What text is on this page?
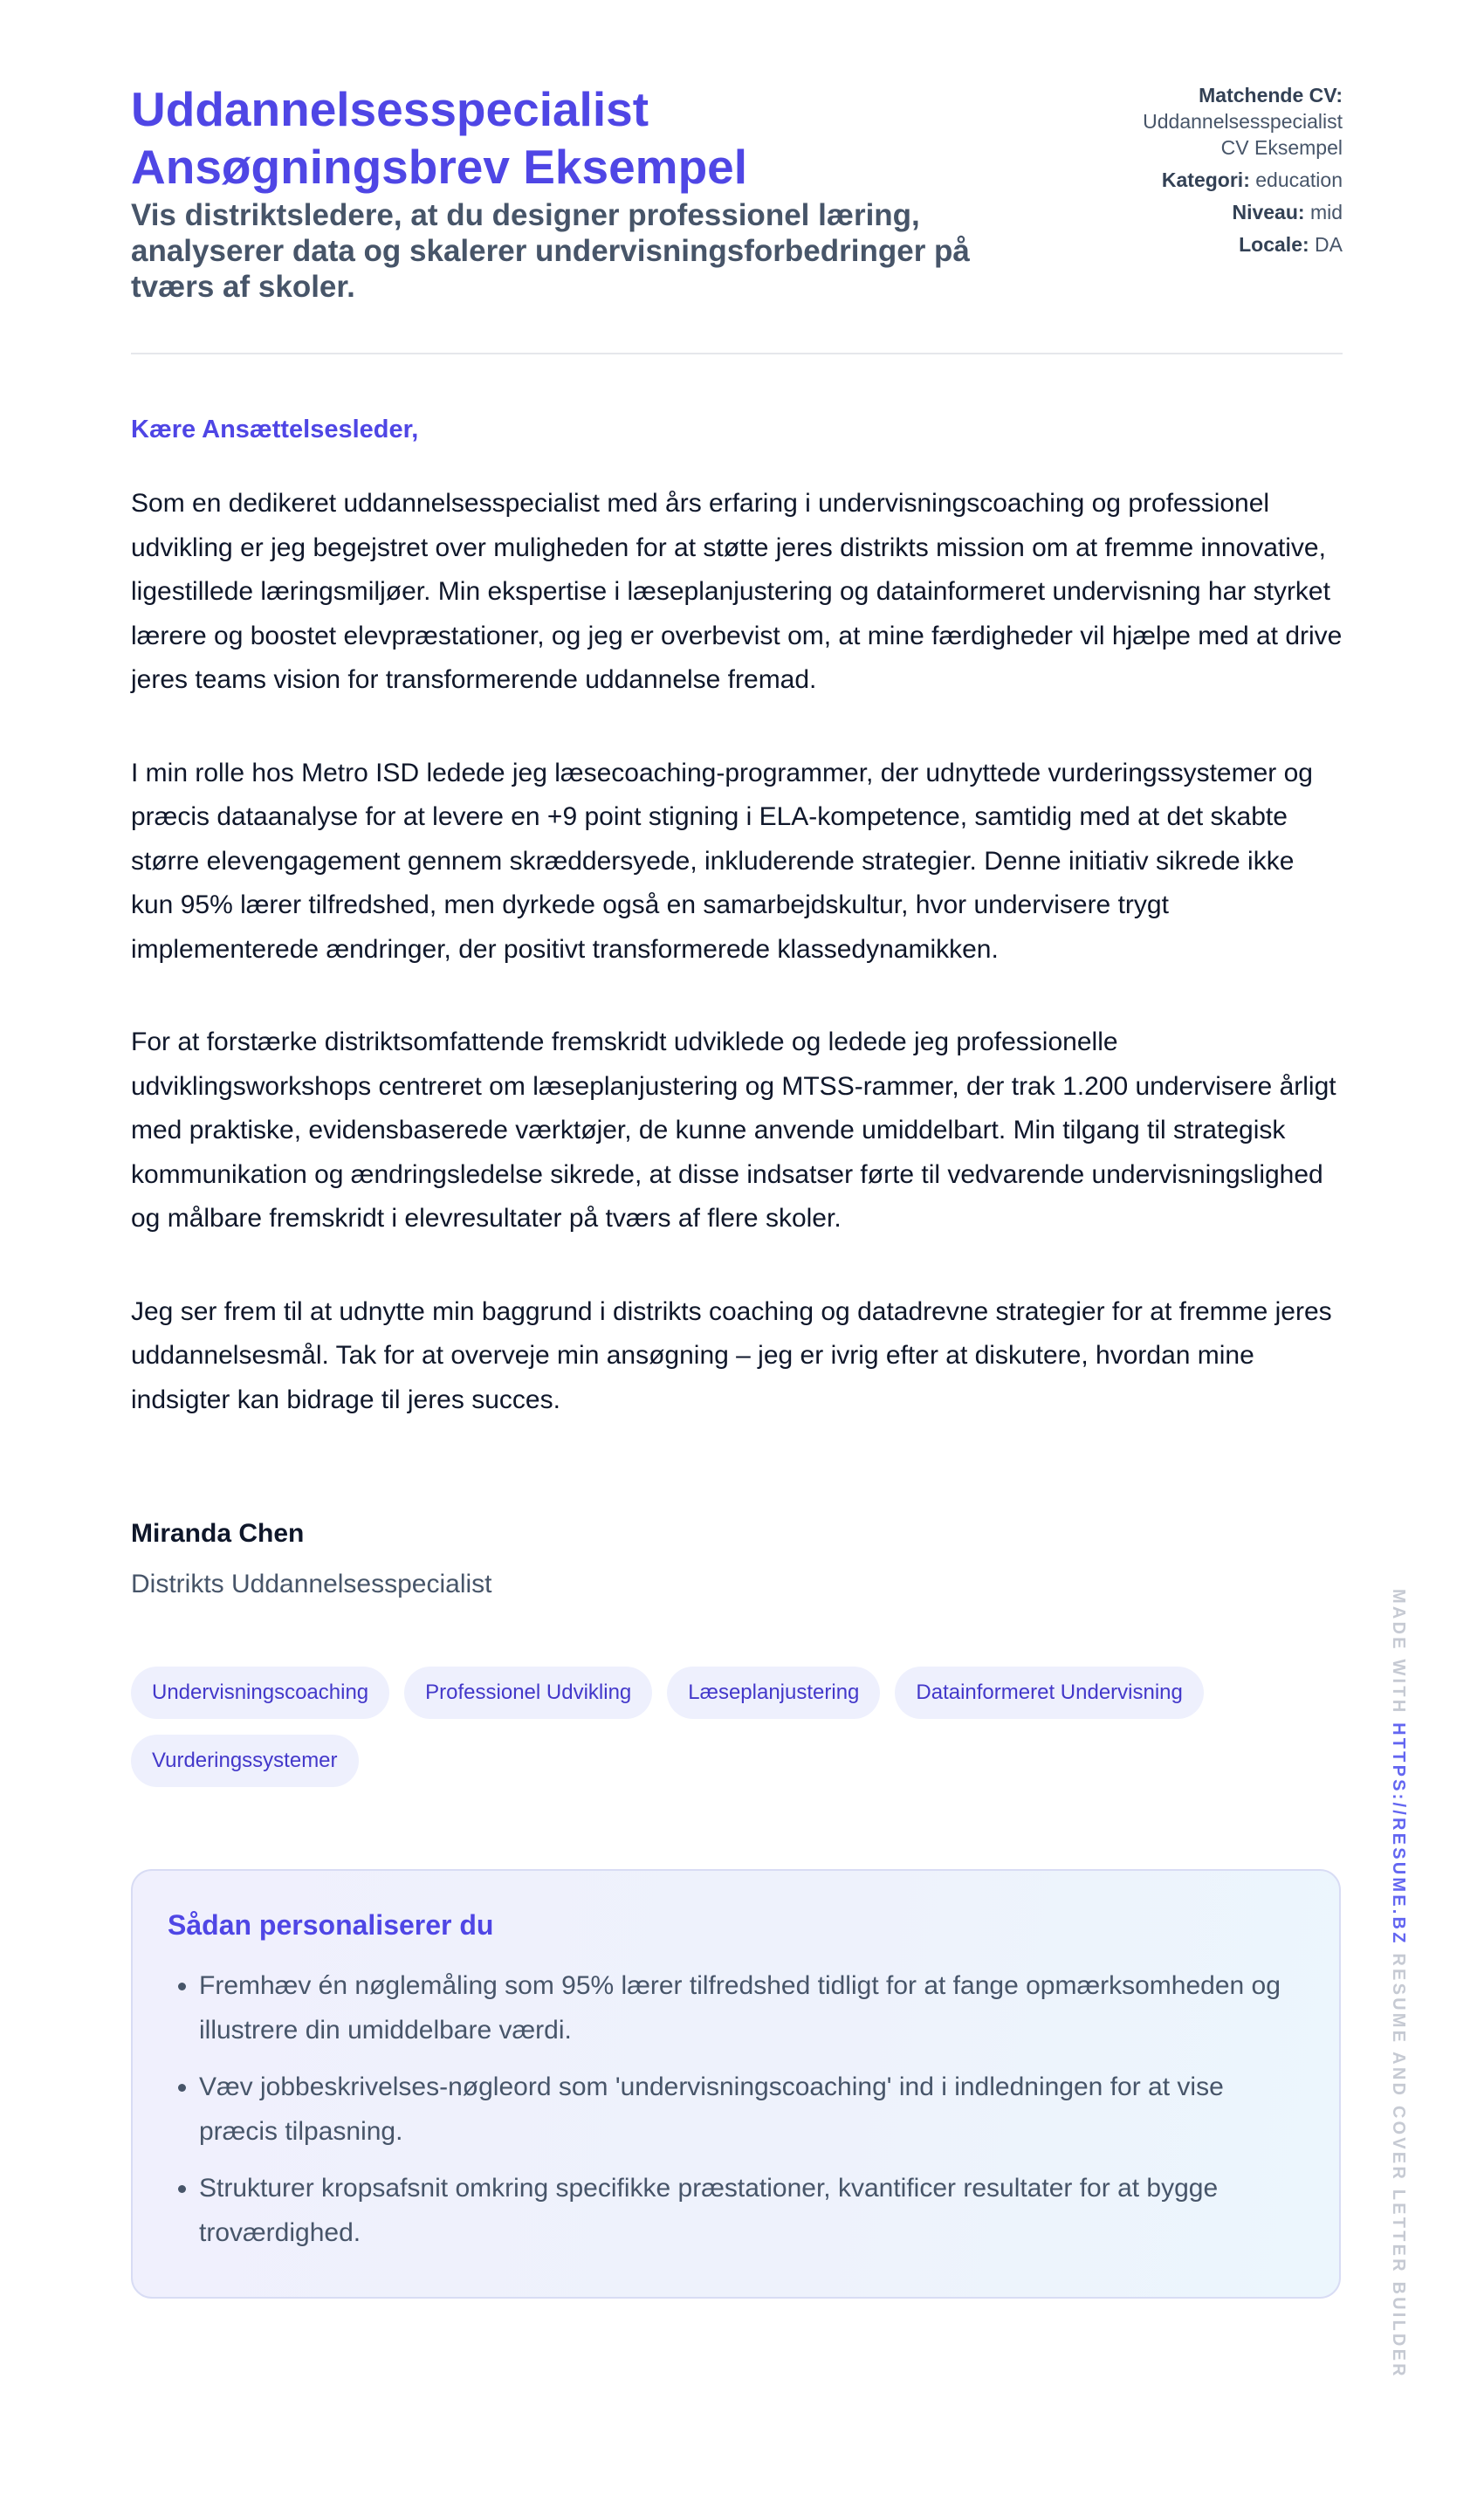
Uddannelsesspecialist
Ansøgningsbrev Eksempel

Vis distriktsledere, at du designer professionel læring, analyserer data og skalerer undervisningsforbedringer på tværs af skoler.

Matchende CV:
Uddannelsesspecialist
CV Eksempel
Kategori: education
Niveau: mid
Locale: DA

Kære Ansættelsesleder,

Som en dedikeret uddannelsesspecialist med års erfaring i undervisningscoaching og professionel udvikling er jeg begejstret over muligheden for at støtte jeres distrikts mission om at fremme innovative, ligestillede læringsmiljøer. Min ekspertise i læseplanjustering og datainformeret undervisning har styrket lærere og boostet elevpræstationer, og jeg er overbevist om, at mine færdigheder vil hjælpe med at drive jeres teams vision for transformerende uddannelse fremad.

I min rolle hos Metro ISD ledede jeg læsecoaching-programmer, der udnyttede vurderingssystemer og præcis dataanalyse for at levere en +9 point stigning i ELA-kompetence, samtidig med at det skabte større elevengagement gennem skræddersyede, inkluderende strategier. Denne initiativ sikrede ikke kun 95% lærer tilfredshed, men dyrkede også en samarbejdskultur, hvor undervisere trygt implementerede ændringer, der positivt transformerede klassedynamikken.

For at forstærke distriktsomfattende fremskridt udviklede og ledede jeg professionelle udviklingsworkshops centreret om læseplanjustering og MTSS-rammer, der trak 1.200 undervisere årligt med praktiske, evidensbaserede værktøjer, de kunne anvende umiddelbart. Min tilgang til strategisk kommunikation og ændringsledelse sikrede, at disse indsatser førte til vedvarende undervisningslighed og målbare fremskridt i elevresultater på tværs af flere skoler.

Jeg ser frem til at udnytte min baggrund i distrikts coaching og datadrevne strategier for at fremme jeres uddannelsesmål. Tak for at overveje min ansøgning – jeg er ivrig efter at diskutere, hvordan mine indsigter kan bidrage til jeres succes.

Miranda Chen

Distrikts Uddannelsesspecialist

Undervisningscoaching	Professionel Udvikling	Læseplanjustering	Datainformeret Undervisning
Vurderingssystemer
Sådan personaliserer du
• Fremhæv én nøglemåling som 95% lærer tilfredshed tidligt for at fange opmærksomheden og illustrere din umiddelbare værdi.
• Væv jobbeskrivelses-nøgleord som 'undervisningscoaching' ind i indledningen for at vise præcis tilpasning.
• Strukturer kropsafsnit omkring specifikke præstationer, kvantificer resultater for at bygge troværdighed.
MADE WITH HTTPS://RESUME.BZ RESUME AND COVER LETTER BUILDER
